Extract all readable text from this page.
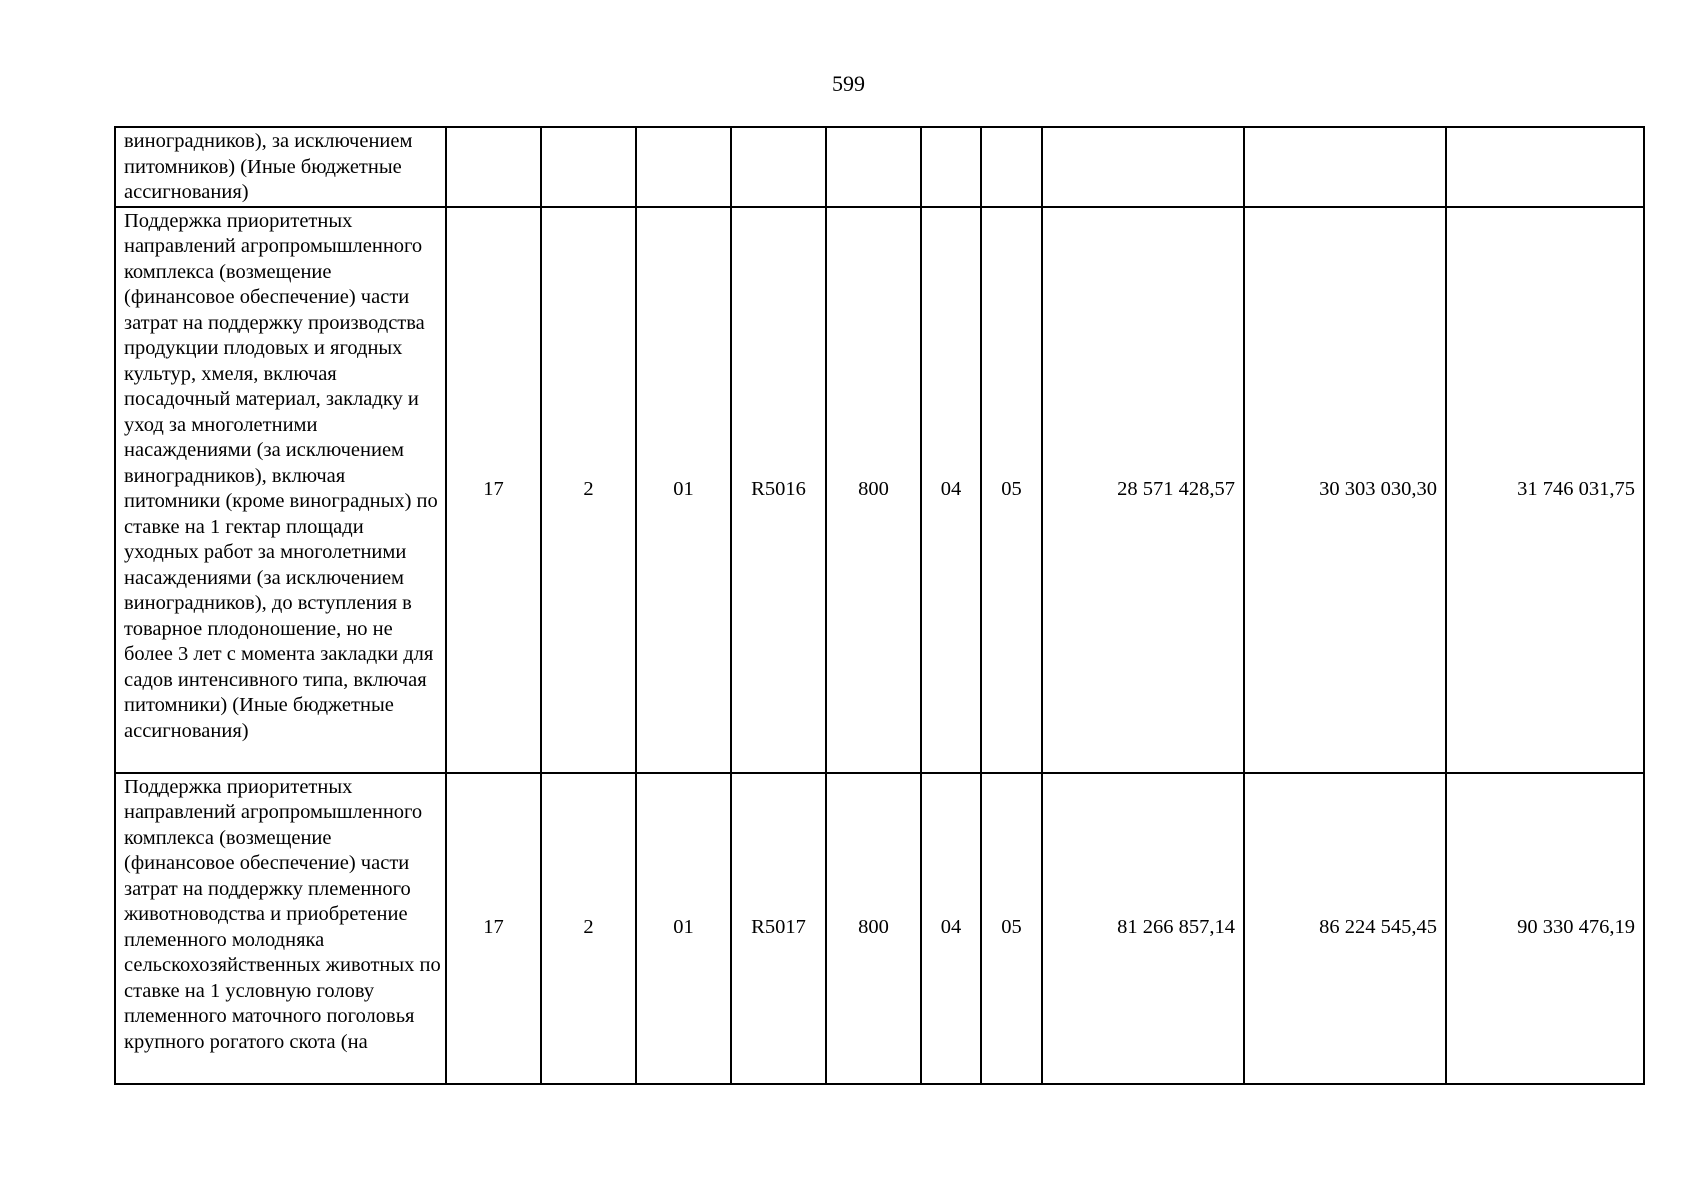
599
виноградников), за исключением питомников) (Иные бюджетные ассигнования)										
Поддержка приоритетных направлений агропромышленного комплекса (возмещение (финансовое обеспечение) части затрат на поддержку производства продукции плодовых и ягодных культур, хмеля, включая посадочный материал, закладку и уход за многолетними насаждениями (за исключением виноградников), включая питомники (кроме виноградных) по ставке на 1 гектар площади уходных работ за многолетними насаждениями (за исключением виноградников), до вступления в товарное плодоношение, но не более 3 лет с момента закладки для садов интенсивного типа, включая питомники) (Иные бюджетные ассигнования)	17	2	01	R5016	800	04	05	28 571 428,57	30 303 030,30	31 746 031,75
Поддержка приоритетных направлений агропромышленного комплекса (возмещение (финансовое обеспечение) части затрат на поддержку племенного животноводства и приобретение племенного молодняка сельскохозяйственных животных по ставке на 1 условную голову племенного маточного поголовья крупного рогатого скота (на	17	2	01	R5017	800	04	05	81 266 857,14	86 224 545,45	90 330 476,19
